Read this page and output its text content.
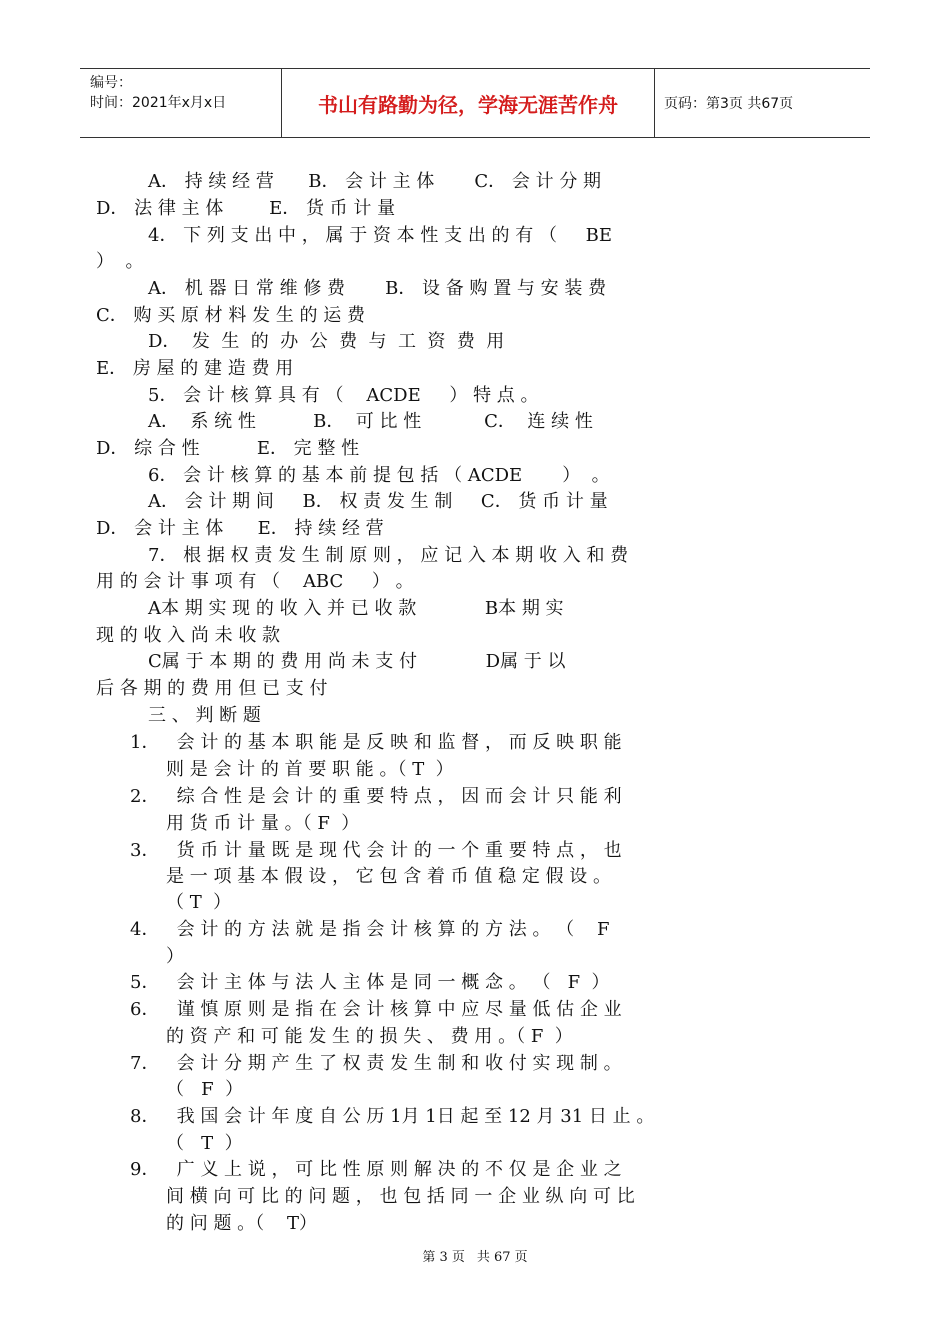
编号：
时间：2021年x月x日	书山有路勤为径，学海无涯苦作舟	页码：第3页 共67页
A． 持 续 经 营      B． 会 计 主 体       C． 会 计 分 期
D． 法 律 主 体        E． 货 币 计 量
4． 下 列 支 出 中 ， 属 于 资 本 性 支 出 的 有 （     BE
）  。
A． 机 器 日 常 维 修 费       B． 设 备 购 置 与 安 装 费
C． 购 买 原 材 料 发 生 的 运 费
D．  发  生  的  办  公  费  与  工  资  费  用
E． 房 屋 的 建 造 费 用
5． 会 计 核 算 具 有 （    ACDE     ） 特 点 。
A．  系 统 性          B．  可 比 性           C．  连 续 性
D． 综 合 性          E． 完 整 性
6． 会 计 核 算 的 基 本 前 提 包 括 （ ACDE       ）  。
A． 会 计 期 间     B． 权 责 发 生 制     C． 货 币 计 量
D． 会 计 主 体      E． 持 续 经 营
7． 根 据 权 责 发 生 制 原 则 ， 应 记 入 本 期 收 入 和 费
用 的 会 计 事 项 有 （    ABC     ） 。
A本 期 实 现 的 收 入 并 已 收 款            B本 期 实
现 的 收 入 尚 未 收 款
C属 于 本 期 的 费 用 尚 未 支 付            D属 于 以
后 各 期 的 费 用 但 已 支 付
三 、 判 断 题
1．   会 计 的 基 本 职 能 是 反 映 和 监 督 ， 而 反 映 职 能
则 是 会 计 的 首 要 职 能 。（ T  ）
2．   综 合 性 是 会 计 的 重 要 特 点 ， 因 而 会 计 只 能 利
用 货 币 计 量 。（ F  ）
3．   货 币 计 量 既 是 现 代 会 计 的 一 个 重 要 特 点 ， 也
是 一 项 基 本 假 设 ， 它 包 含 着 币 值 稳 定 假 设 。
（ T  ）
4．   会 计 的 方 法 就 是 指 会 计 核 算 的 方 法 。 （    F
）
5．   会 计 主 体 与 法 人 主 体 是 同 一 概 念 。 （   F  ）
6．   谨 慎 原 则 是 指 在 会 计 核 算 中 应 尽 量 低 估 企 业
的 资 产 和 可 能 发 生 的 损 失 、 费 用 。（ F  ）
7．   会 计 分 期 产 生 了 权 责 发 生 制 和 收 付 实 现 制 。
（   F  ）
8．   我 国 会 计 年 度 自 公 历 1月 1日 起 至 12 月 31 日 止 。
（   T  ）
9．   广 义 上 说 ， 可 比 性 原 则 解 决 的 不 仅 是 企 业 之
间 横 向 可 比 的 问 题 ， 也 包 括 同 一 企 业 纵 向 可 比
的 问 题 。（    T）
第 3 页 共 67 页
